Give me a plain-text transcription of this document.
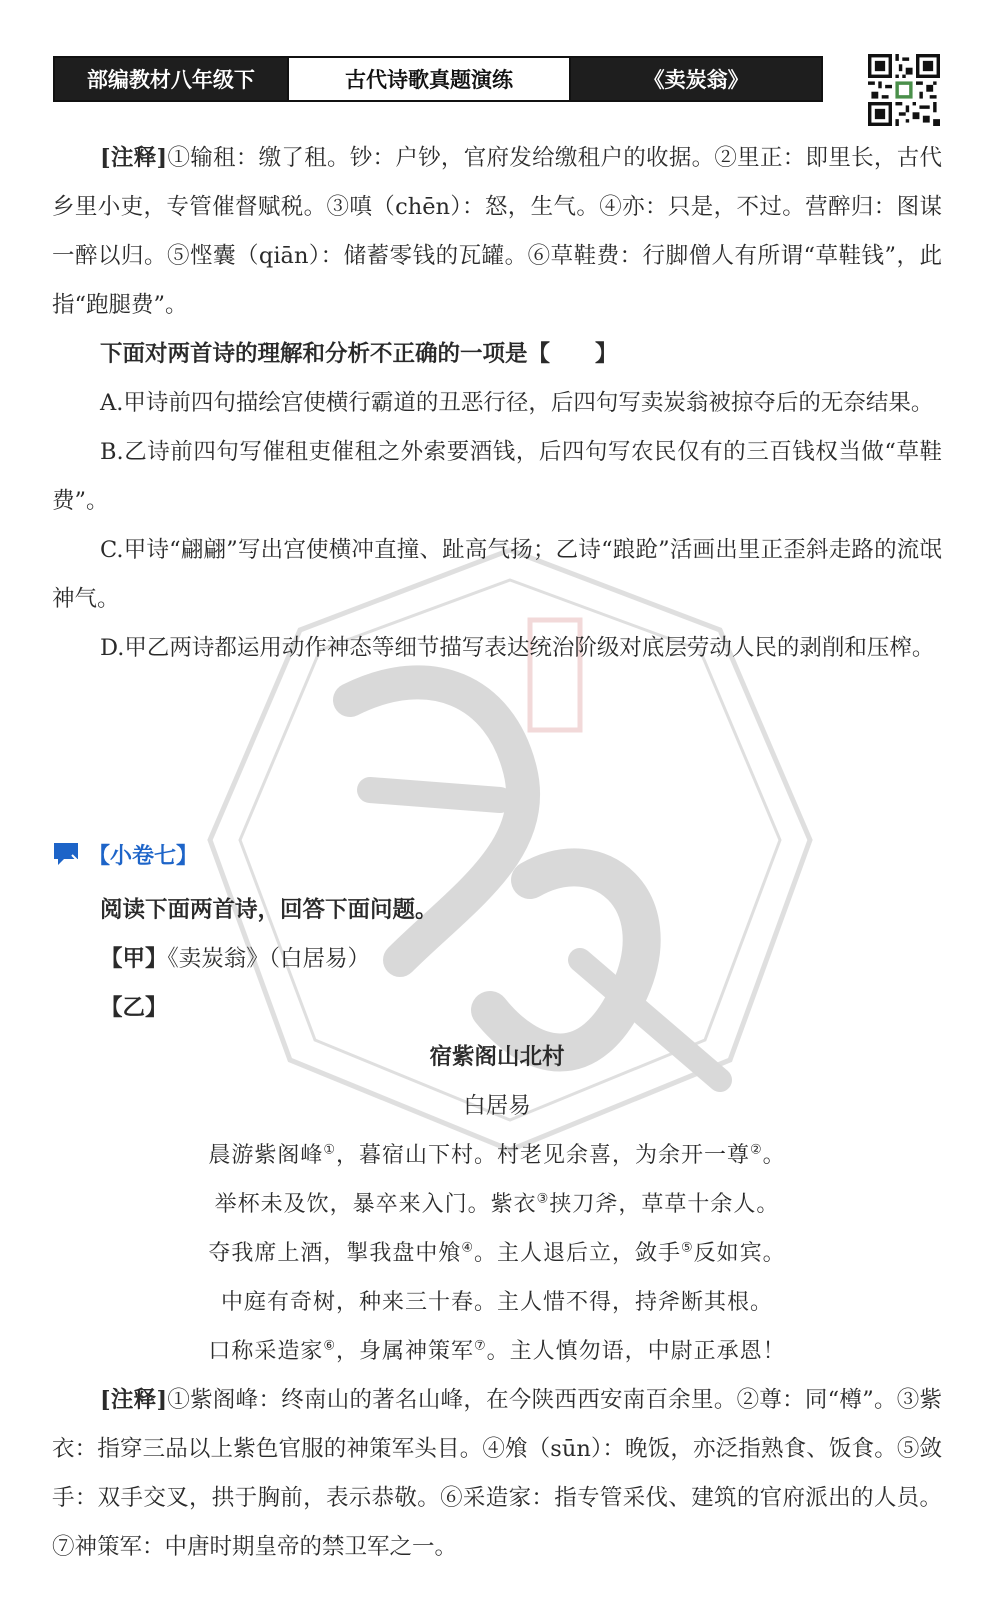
部编教材八年级下	古代诗歌真题演练	《卖炭翁》

[注释]①输租：缴了租。钞：户钞，官府发给缴租户的收据。②里正：即里长，古代乡里小吏，专管催督赋税。③嗔（chēn）：怒，生气。④亦：只是，不过。营醉归：图谋一醉以归。⑤悭囊（qiān）：储蓄零钱的瓦罐。⑥草鞋费：行脚僧人有所谓“草鞋钱”，此指“跑腿费”。

下面对两首诗的理解和分析不正确的一项是【　　】

A.甲诗前四句描绘宫使横行霸道的丑恶行径，后四句写卖炭翁被掠夺后的无奈结果。

B.乙诗前四句写催租吏催租之外索要酒钱，后四句写农民仅有的三百钱权当做“草鞋费”。

C.甲诗“翩翩”写出宫使横冲直撞、趾高气扬；乙诗“踉跄”活画出里正歪斜走路的流氓神气。

D.甲乙两诗都运用动作神态等细节描写表达统治阶级对底层劳动人民的剥削和压榨。

【小卷七】

阅读下面两首诗，回答下面问题。

【甲】《卖炭翁》（白居易）

【乙】

宿紫阁山北村

白居易

晨游紫阁峰①，暮宿山下村。村老见余喜，为余开一尊②。

举杯未及饮，暴卒来入门。紫衣③挟刀斧，草草十余人。

夺我席上酒，掣我盘中飧④。主人退后立，敛手⑤反如宾。

中庭有奇树，种来三十春。主人惜不得，持斧断其根。

口称采造家⑥，身属神策军⑦。主人慎勿语，中尉正承恩！

[注释]①紫阁峰：终南山的著名山峰，在今陕西西安南百余里。②尊：同“樽”。③紫衣：指穿三品以上紫色官服的神策军头目。④飧（sūn）：晚饭，亦泛指熟食、饭食。⑤敛手：双手交叉，拱于胸前，表示恭敬。⑥采造家：指专管采伐、建筑的官府派出的人员。⑦神策军：中唐时期皇帝的禁卫军之一。
